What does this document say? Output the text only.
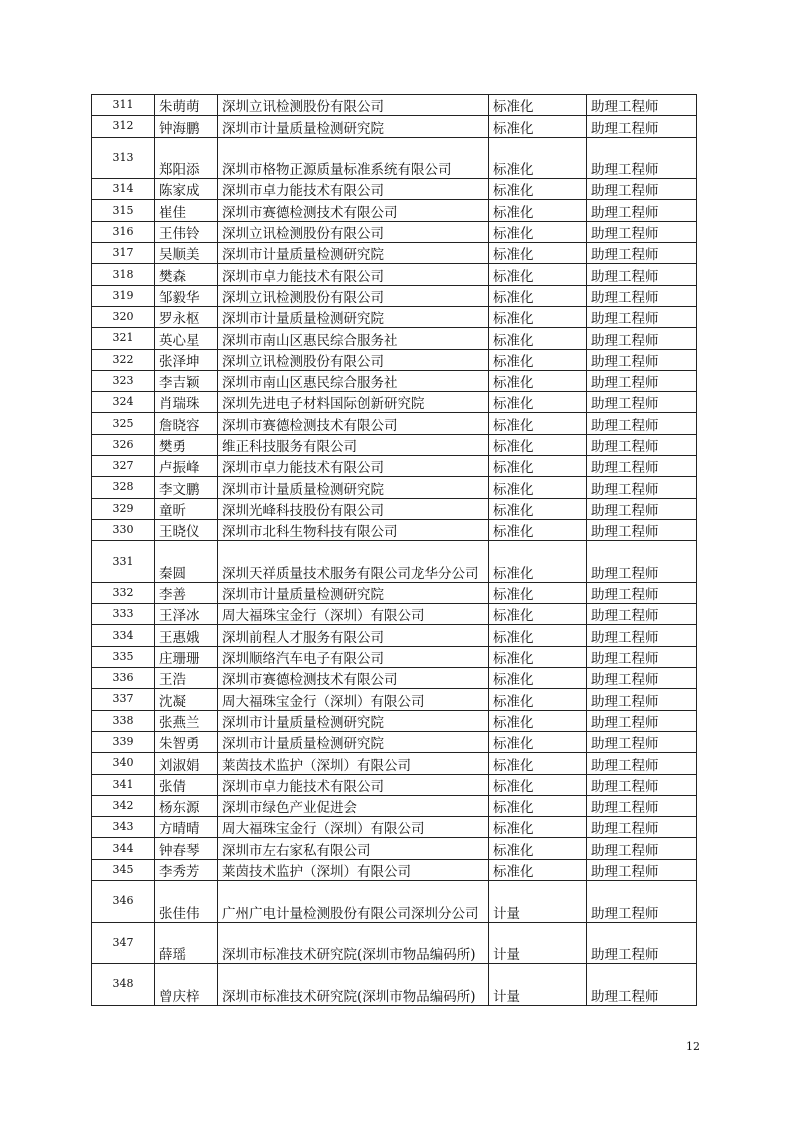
311	朱萌萌	深圳立讯检测股份有限公司	标准化	助理工程师
312	钟海鹏	深圳市计量质量检测研究院	标准化	助理工程师
313	郑阳添	深圳市格物正源质量标准系统有限公司	标准化	助理工程师
314	陈家成	深圳市卓力能技术有限公司	标准化	助理工程师
315	崔佳	深圳市赛德检测技术有限公司	标准化	助理工程师
316	王伟铃	深圳立讯检测股份有限公司	标准化	助理工程师
317	吴顺美	深圳市计量质量检测研究院	标准化	助理工程师
318	樊森	深圳市卓力能技术有限公司	标准化	助理工程师
319	邹毅华	深圳立讯检测股份有限公司	标准化	助理工程师
320	罗永枢	深圳市计量质量检测研究院	标准化	助理工程师
321	英心星	深圳市南山区惠民综合服务社	标准化	助理工程师
322	张泽坤	深圳立讯检测股份有限公司	标准化	助理工程师
323	李吉颖	深圳市南山区惠民综合服务社	标准化	助理工程师
324	肖瑞珠	深圳先进电子材料国际创新研究院	标准化	助理工程师
325	詹晓容	深圳市赛德检测技术有限公司	标准化	助理工程师
326	樊勇	维正科技服务有限公司	标准化	助理工程师
327	卢振峰	深圳市卓力能技术有限公司	标准化	助理工程师
328	李文鹏	深圳市计量质量检测研究院	标准化	助理工程师
329	童昕	深圳光峰科技股份有限公司	标准化	助理工程师
330	王晓仪	深圳市北科生物科技有限公司	标准化	助理工程师
331	秦圆	深圳天祥质量技术服务有限公司龙华分公司	标准化	助理工程师
332	李善	深圳市计量质量检测研究院	标准化	助理工程师
333	王泽冰	周大福珠宝金行（深圳）有限公司	标准化	助理工程师
334	王惠娥	深圳前程人才服务有限公司	标准化	助理工程师
335	庄珊珊	深圳顺络汽车电子有限公司	标准化	助理工程师
336	王浩	深圳市赛德检测技术有限公司	标准化	助理工程师
337	沈凝	周大福珠宝金行（深圳）有限公司	标准化	助理工程师
338	张燕兰	深圳市计量质量检测研究院	标准化	助理工程师
339	朱智勇	深圳市计量质量检测研究院	标准化	助理工程师
340	刘淑娟	莱茵技术监护（深圳）有限公司	标准化	助理工程师
341	张倩	深圳市卓力能技术有限公司	标准化	助理工程师
342	杨东源	深圳市绿色产业促进会	标准化	助理工程师
343	方晴晴	周大福珠宝金行（深圳）有限公司	标准化	助理工程师
344	钟春琴	深圳市左右家私有限公司	标准化	助理工程师
345	李秀芳	莱茵技术监护（深圳）有限公司	标准化	助理工程师
346	张佳伟	广州广电计量检测股份有限公司深圳分公司	计量	助理工程师
347	薛瑶	深圳市标准技术研究院(深圳市物品编码所)	计量	助理工程师
348	曾庆梓	深圳市标准技术研究院(深圳市物品编码所)	计量	助理工程师
12
